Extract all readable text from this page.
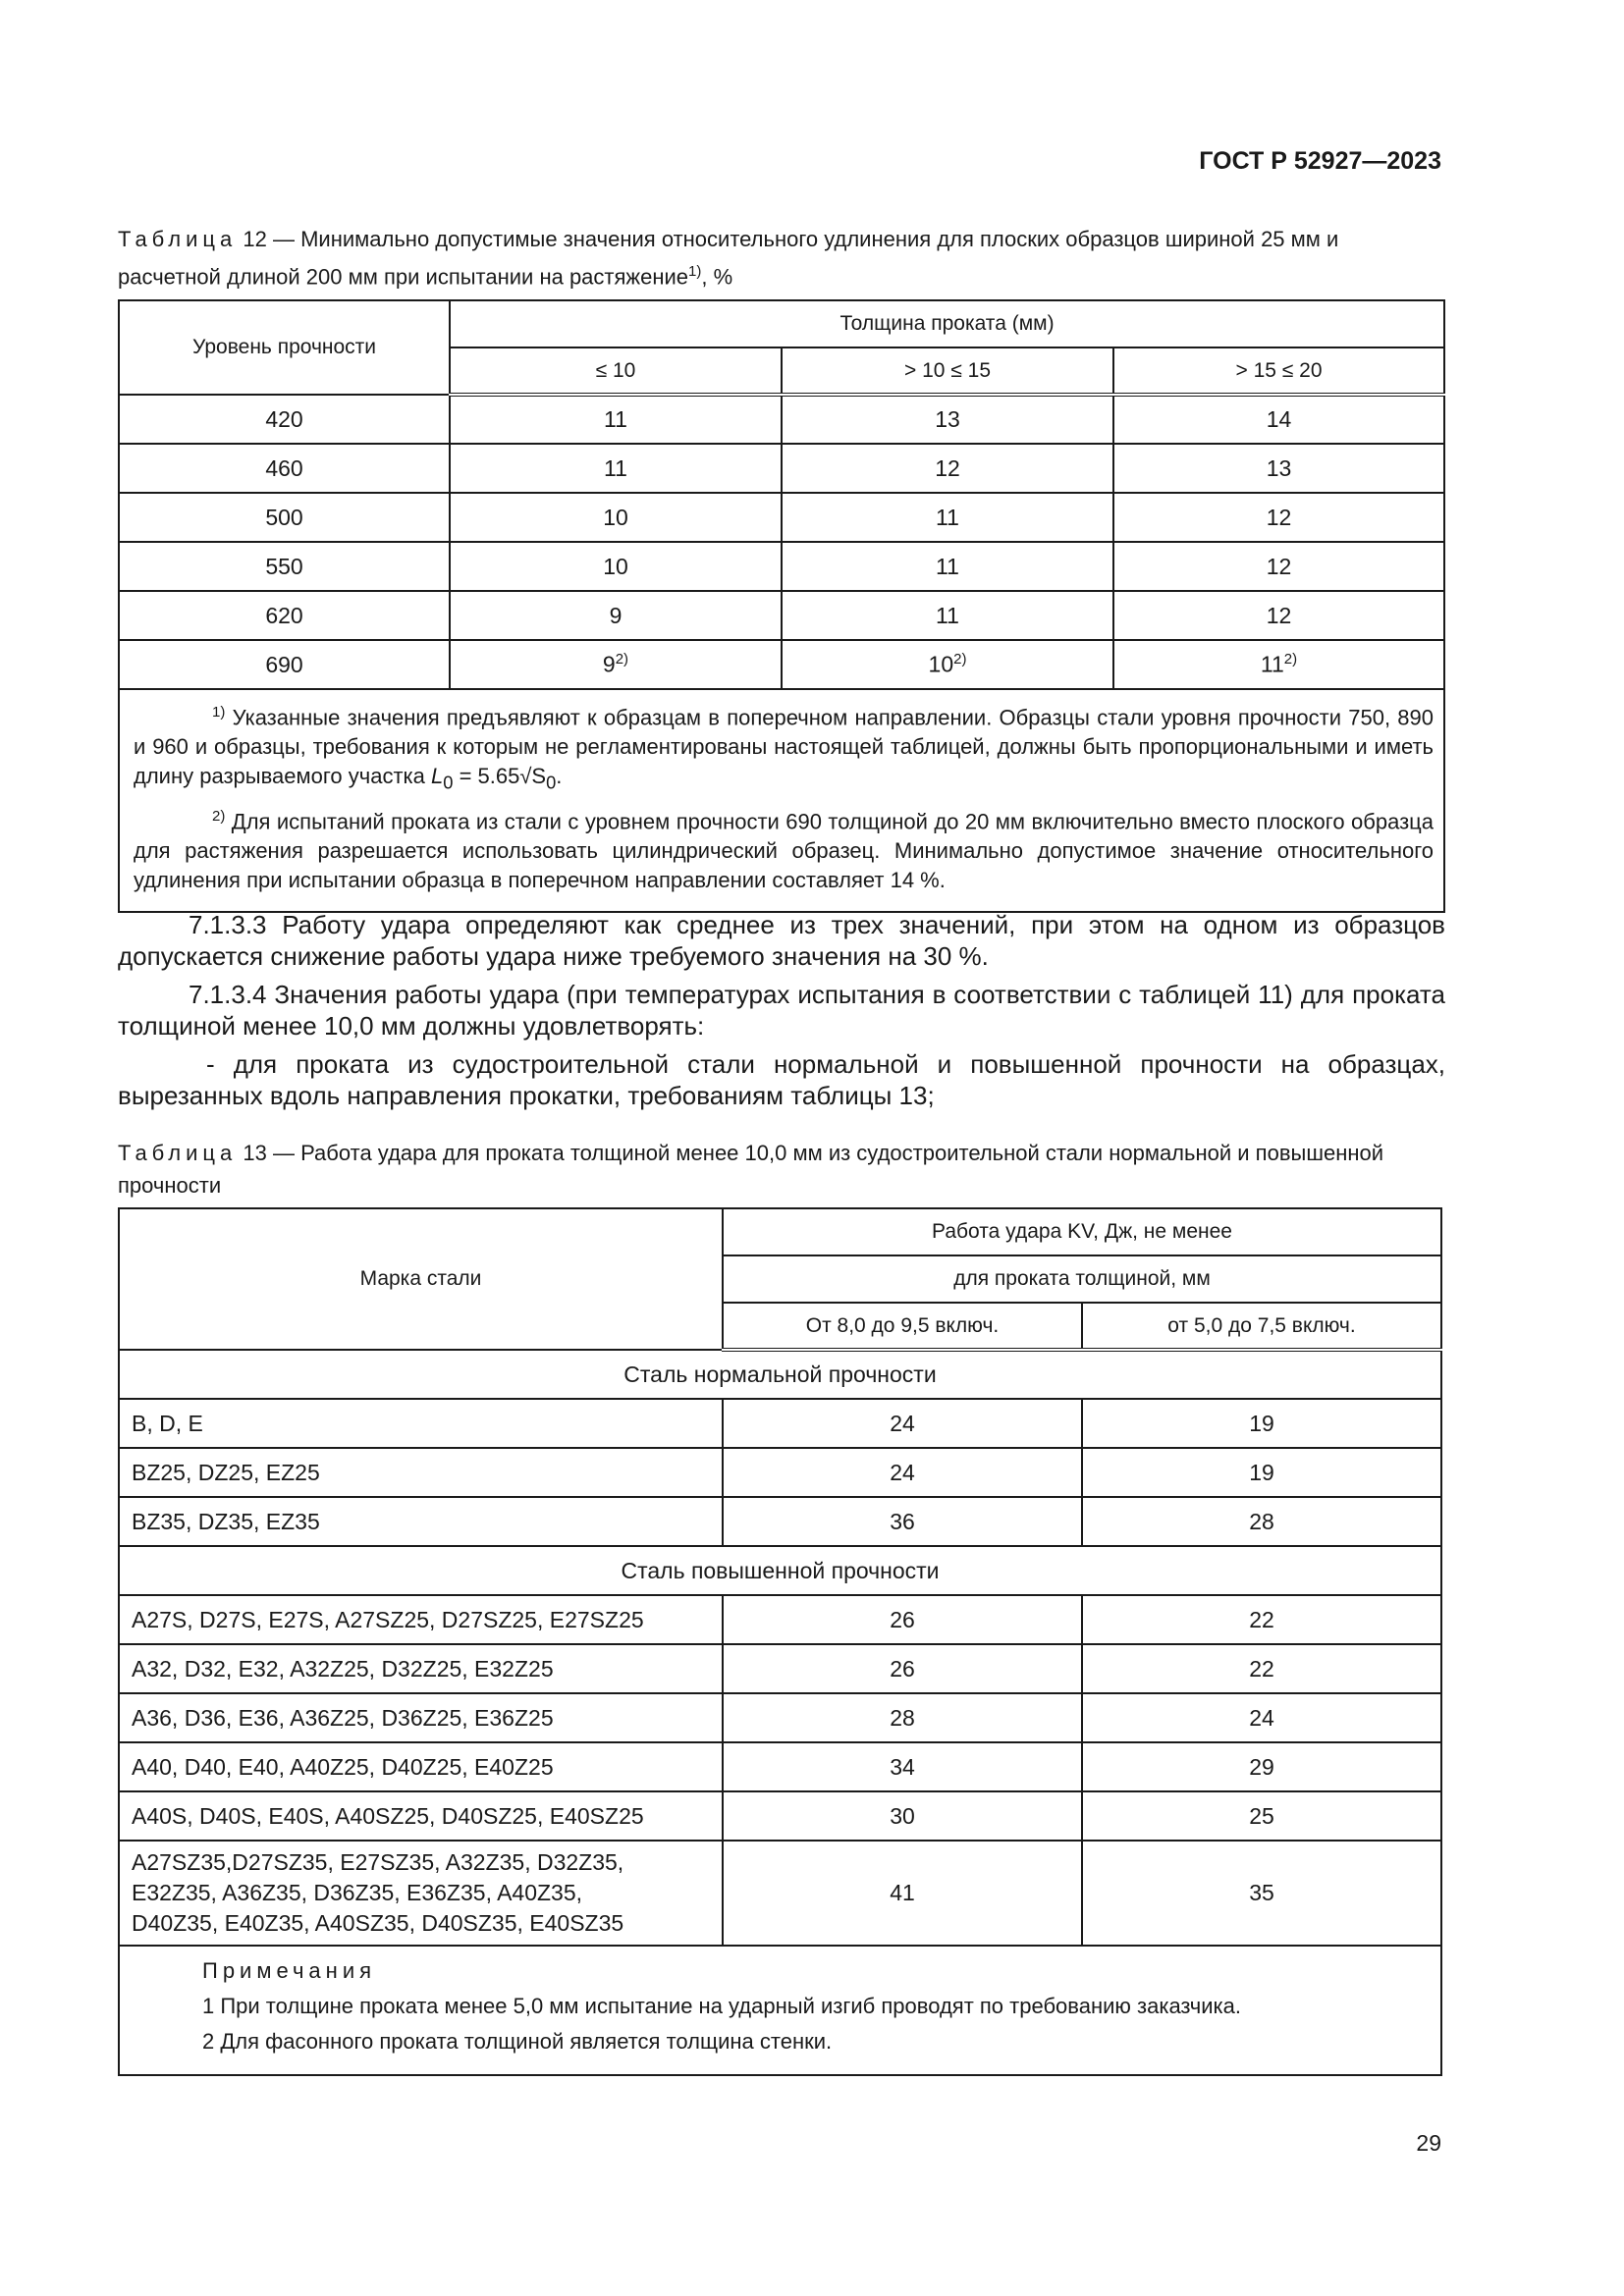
ГОСТ Р 52927—2023
Таблица 12 — Минимально допустимые значения относительного удлинения для плоских образцов шириной 25 мм и расчетной длиной 200 мм при испытании на растяжение$^{1)}$, %
Уровень прочности	Толщина проката (мм)		
	≤ 10	> 10 ≤ 15	> 15 ≤ 20
420	11	13	14
460	11	12	13
500	10	11	12
550	10	11	12
620	9	11	12
690	9$^{2)}$	10$^{2)}$	11$^{2)}$

$^{1)}$ Указанные значения предъявляют к образцам в поперечном направлении. Образцы стали уровня прочности 750, 890 и 960 и образцы, требования к которым не регламентированы настоящей таблицей, должны быть пропорциональными и иметь длину разрываемого участка $L_0 = 5.65√S_0$.

$^{2)}$ Для испытаний проката из стали с уровнем прочности 690 толщиной до 20 мм включительно вместо плоского образца для растяжения разрешается использовать цилиндрический образец. Минимально допустимое значение относительного удлинения при испытании образца в поперечном направлении составляет 14 %.			

7.1.3.3 Работу удара определяют как среднее из трех значений, при этом на одном из образцов допускается снижение работы удара ниже требуемого значения на 30 %.

7.1.3.4 Значения работы удара (при температурах испытания в соответствии с таблицей 11) для проката толщиной менее 10,0 мм должны удовлетворять:

- для проката из судостроительной стали нормальной и повышенной прочности на образцах, вырезанных вдоль направления прокатки, требованиям таблицы 13;

Таблица 13 — Работа удара для проката толщиной менее 10,0 мм из судостроительной стали нормальной и повышенной прочности
Марка стали	Работа удара KV, Дж, не менее	
	для проката толщиной, мм	
	От 8,0 до 9,5 включ.	от 5,0 до 7,5 включ.
Сталь нормальной прочности		
B, D, E	24	19
BZ25, DZ25, EZ25	24	19
BZ35, DZ35, EZ35	36	28
Сталь повышенной прочности		
A27S, D27S, E27S, A27SZ25, D27SZ25, E27SZ25	26	22
A32, D32, E32, A32Z25, D32Z25, E32Z25	26	22
A36, D36, E36, A36Z25, D36Z25, E36Z25	28	24
A40, D40, E40, A40Z25, D40Z25, E40Z25	34	29
A40S, D40S, E40S, A40SZ25, D40SZ25, E40SZ25	30	25

A27SZ35,D27SZ35, E27SZ35, A32Z35, D32Z35,
E32Z35, A36Z35, D36Z35, E36Z35, A40Z35,
D40Z35, E40Z35, A40SZ35, D40SZ35, E40SZ35	41	35

Примечания

1 При толщине проката менее 5,0 мм испытание на ударный изгиб проводят по требованию заказчика.

2 Для фасонного проката толщиной является толщина стенки.		

29
